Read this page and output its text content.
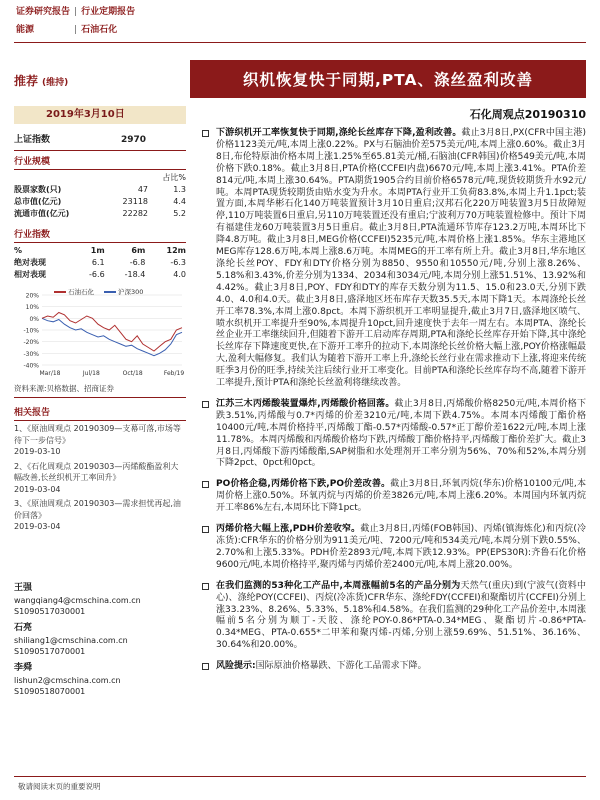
证券研究报告 | 行业定期报告
能源	| 石油石化
推荐 (维持)	织机恢复快于同期,PTA、涤丝盈利改善
2019年3月10日	石化周观点20190310
上证指数	2970
行业规模
占比%
股票家数(只)	47	1.3
总市值(亿元)	23118	4.4
流通市值(亿元)	22282	5.2
行业指数
%	1m	6m	12m
绝对表现	6.1	-6.8	-6.3
相对表现	-6.6	-18.4	4.0
石油石化	沪深300
20%
10%
0%
-10%
-20%
-30%
-40%
Mar/18	Jul/18	Oct/18	Feb/19
资料来源:贝格数据、招商证券
相关报告
1、《原油周观点 20190309—支幕可落,市场等待下一步信号》
2019-03-10
2、《石化周观点 20190303—丙烯酸酯盈利大幅改善,长丝织机开工率回升》
2019-03-04
3、《原油周观点 20190303—需求担忧再起,油价回落》
2019-03-04
王强
wangqiang4@cmschina.com.cn
S1090517030001
石亮
shiliang1@cmschina.com.cn
S1090517070001
李舜
lishun2@cmschina.com.cn
S1090518070001
下游织机开工率恢复快于同期,涤纶长丝库存下降,盈利改善。截止3月8日,PX(CFR中国主港)价格1123美元/吨,本周上涨0.22%。PX与石脑油价差575美元/吨,本周上涨0.60%。截止3月8日,布伦特原油价格本周上涨1.25%至65.81美元/桶,石脑油(CFR韩国)价格549美元/吨,本周价格下跌0.18%。截止3月8日,PTA价格(CCFEI内盘)6670元/吨,本周上涨3.41%。PTA价差814元/吨,本周上涨30.64%。PTA期货1905合约目前价格6578元/吨,现货较期货升水92元/吨。本周PTA现货较期货由贴水变为升水。本周PTA行业开工负荷83.8%,本周上升1.1pct;装置方面,本周华彬石化140万吨装置预计3月10日重启;汉邦石化220万吨装置3月5日故障短停,110万吨装置6日重启,另110万吨装置还没有重启;宁波利万70万吨装置检修中。预计下周有福建佳龙60万吨装置3月5日重启。截止3月8日,PTA流通环节库存123.2万吨,本周环比下降4.8万吨。截止3月8日,MEG价格(CCFEI)5235元/吨,本周价格上涨1.85%。华东主港地区MEG库存128.6万吨,本周上涨8.6万吨。本周MEG的开工率有所上升。截止3月8日,华东地区涤纶长丝POY、FDY和DTY价格分别为8850、9550和10550元/吨,分别上涨8.26%、5.18%和3.43%,价差分别为1334、2034和3034元/吨,本周分别上涨51.51%、13.92%和4.42%。截止3月8日,POY、FDY和DTY的库存天数分别为11.5、15.0和23.0天,分别下跌4.0、4.0和4.0天。截止3月8日,盛泽地区坯布库存天数35.5天,本周下降1天。本周涤纶长丝开工率78.3%,本周上涨0.8pct。本周下游织机开工率明显提升,截止3月7日,盛泽地区喷气、喷水织机开工率提升至90%,本周提升10pct,回升速度快于去年一周左右。本周PTA、涤纶长丝企业开工率继续回升,但随着下游开工启动库存周期,PTA和涤纶长丝库存开始下降,其中涤纶长丝库存下降速度更快,在下游开工率升的拉动下,本周涤纶长丝价格大幅上涨,POY价格涨幅最大,盈利大幅修复。我们认为随着下游开工率上升,涤纶长丝行业在需求推动下上涨,将迎来传统旺季3月份的旺季,持续关注后续行业开工率变化。目前PTA和涤纶长丝库存均不高,随着下游开工率提升,预计PTA和涤纶长丝盈利将继续改善。
江苏三木丙烯酸装置爆炸,丙烯酸价格回落。截止3月8日,丙烯酸价格8250元/吨,本周价格下跌3.51%,丙烯酸与0.7*丙烯的价差3210元/吨,本周下跌4.75%。本周本丙烯酸丁酯价格10400元/吨,本周价格持平,丙烯酸丁酯-0.57*丙烯酸-0.57*正丁醇价差1622元/吨,本周上涨11.78%。本周丙烯酸和丙烯酸价格均下跌,丙烯酸丁酯价格持平,丙烯酸丁酯价差扩大。截止3月8日,丙烯酸下游丙烯酸酯,SAP树脂和水处理剂开工率分别为56%、70%和52%,本周分别下降2pct、0pct和0pct。
PO价格企稳,丙烯价格下跌,PO价差改善。截止3月8日,环氧丙烷(华东)价格10100元/吨,本周价格上涨0.50%。环氧丙烷与丙烯的价差3826元/吨,本周上涨6.20%。本周国内环氧丙烷开工率86%左右,本周环比下降1pct。
丙烯价格大幅上涨,PDH价差收窄。截止3月8日,丙烯(FOB韩国)、丙烯(镇海炼化)和丙烷(冷冻货):CFR华东的价格分别为911美元/吨、7200元/吨和534美元/吨,本周分别下跌0.55%、2.70%和上涨5.33%。PDH价差2893元/吨,本周下跌12.93%。PP(EPS30R):齐鲁石化价格9600元/吨,本周价格持平,聚丙烯与丙烯价差2400元/吨,本周上涨20.00%。
在我们监测的53种化工产品中,本周涨幅前5名的产品分别为天然气(重庆)到(宁波气(资料中心)、涤纶POY(CCFEI)、丙烷(冷冻货)CFR华东、涤纶FDY(CCFEI)和聚酯切片(CCFEI)分别上涨33.23%、8.26%、5.33%、5.18%和4.58%。在我们监测的29种化工产品价差中,本周涨幅前5名分别为顺丁-天胶、涤纶POY-0.86*PTA-0.34*MEG、聚酯切片-0.86*PTA-0.34*MEG、PTA-0.655*二甲苯和聚丙烯-丙烯,分别上涨59.69%、51.51%、36.16%、30.64%和20.00%。
风险提示:国际原油价格暴跌、下游化工品需求下降。
敬请阅读末页的重要说明
